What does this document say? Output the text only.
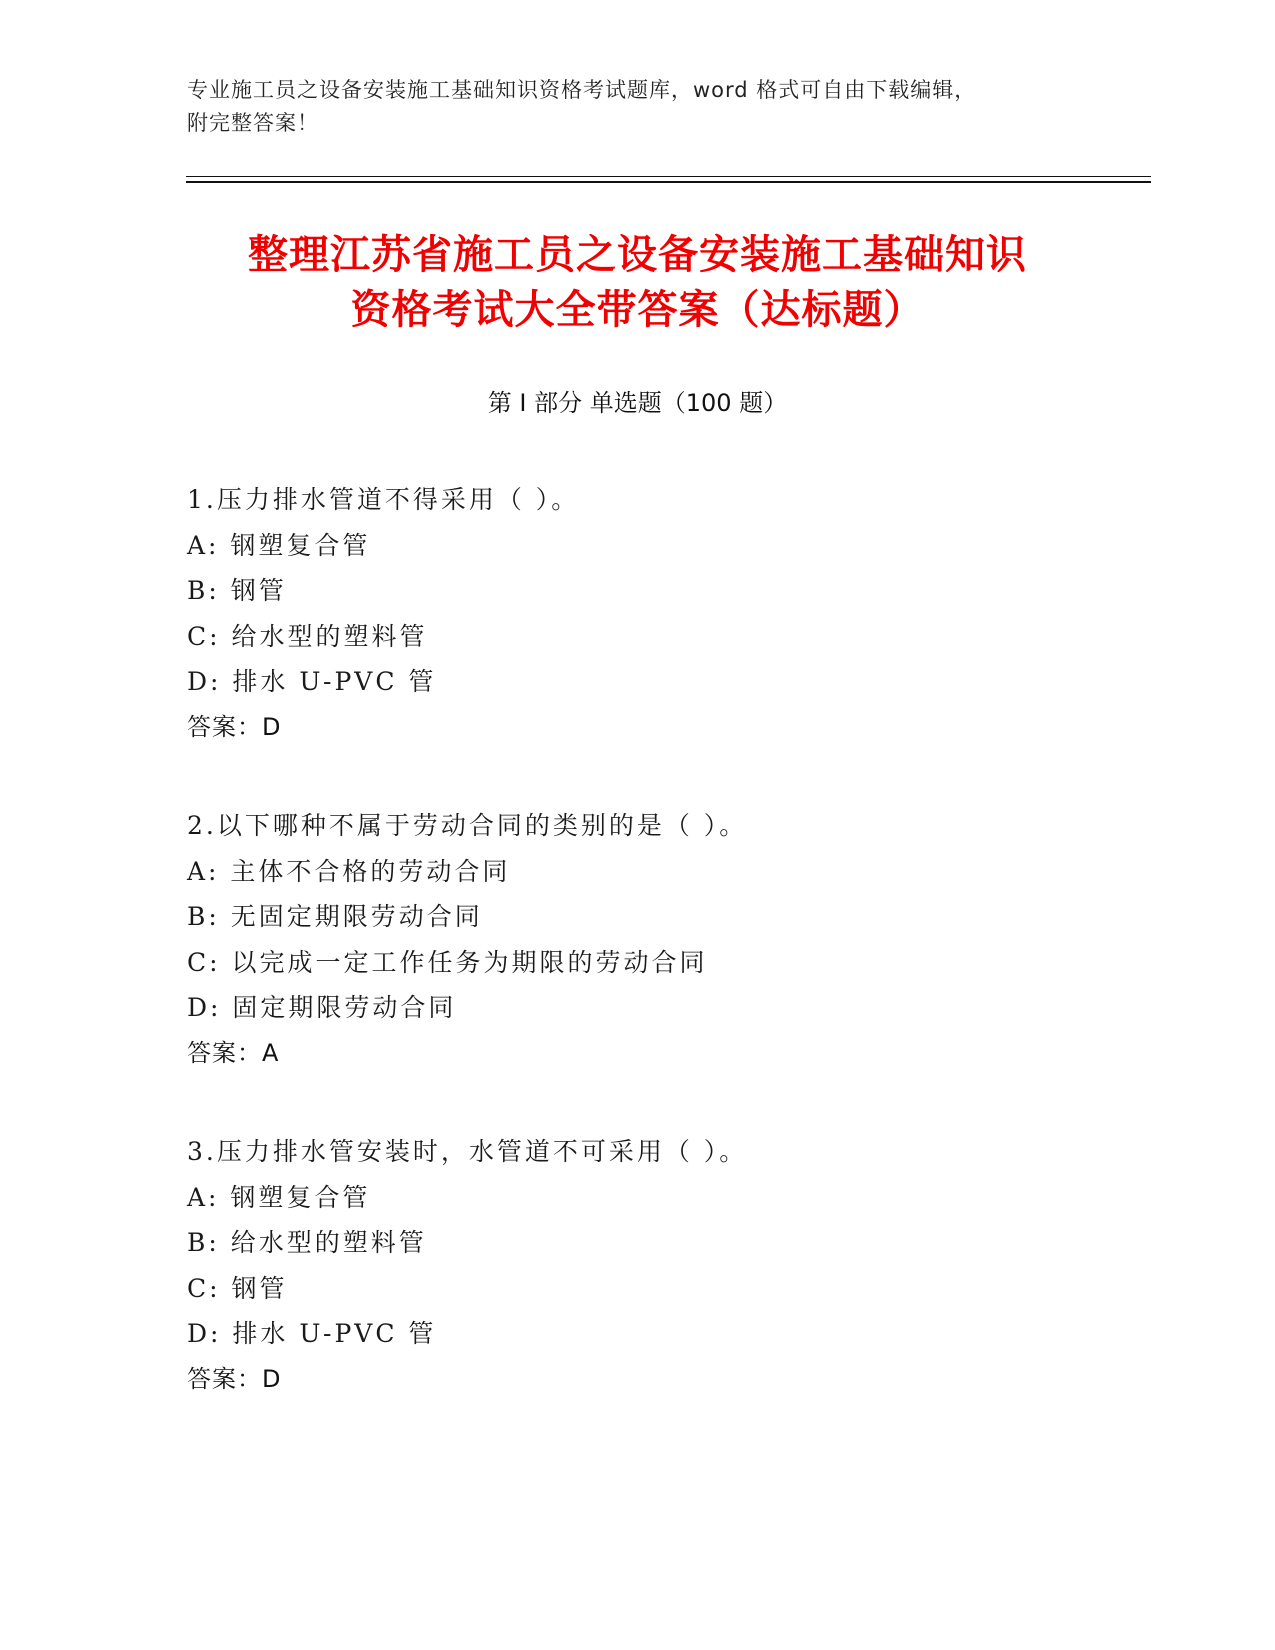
专业施工员之设备安装施工基础知识资格考试题库，word 格式可自由下载编辑，
附完整答案！
整理江苏省施工员之设备安装施工基础知识
资格考试大全带答案（达标题）
第 I 部分 单选题（100 题）
1.压力排水管道不得采用（ ）。
A: 钢塑复合管
B: 钢管
C: 给水型的塑料管
D: 排水 U-PVC 管
答案：D
2.以下哪种不属于劳动合同的类别的是（ ）。
A: 主体不合格的劳动合同
B: 无固定期限劳动合同
C: 以完成一定工作任务为期限的劳动合同
D: 固定期限劳动合同
答案：A
3.压力排水管安装时，水管道不可采用（ ）。
A: 钢塑复合管
B: 给水型的塑料管
C: 钢管
D: 排水 U-PVC 管
答案：D
